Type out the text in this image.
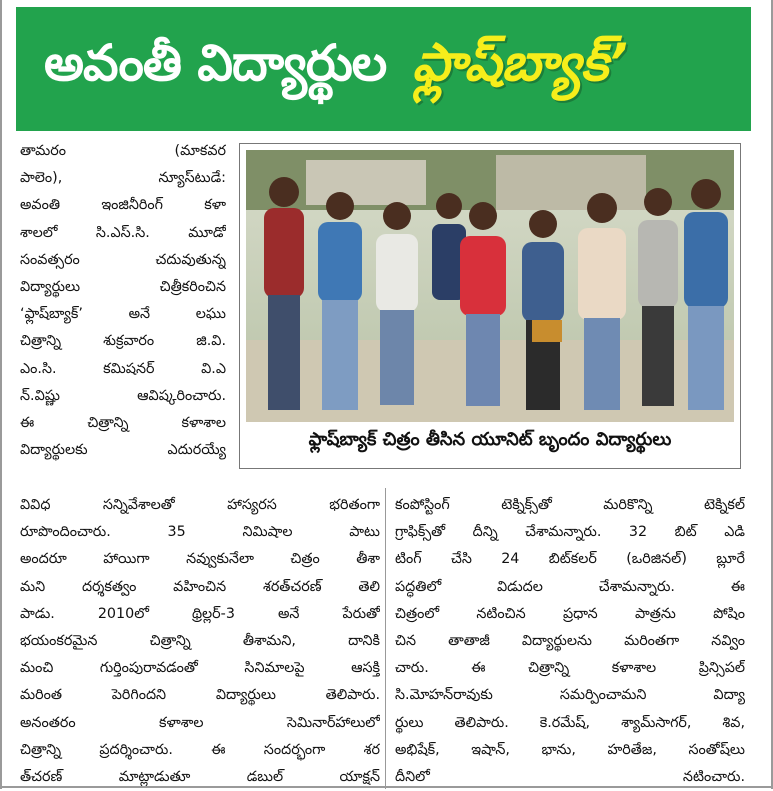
అవంతీ విద్యార్థుల ఫ్లాష్‌బ్యాక్’
తామరం (మాకవర
పాలెం), న్యూస్‌టుడే:
అవంతి ఇంజినీరింగ్ కళా
శాలలో సి.ఎస్.సి. మూడో
సంవత్సరం చదువుతున్న
విద్యార్థులు చిత్రీకరించిన
‘ఫ్లాష్‌బ్యాక్’ అనే లఘు
చిత్రాన్ని శుక్రవారం జి.వి.
ఎం.సి. కమిషనర్ వి.ఎ
న్.విష్ణు ఆవిష్కరించారు.
ఈ చిత్రాన్ని కళాశాల
విద్యార్థులకు ఎదురయ్యే
ఫ్లాష్‌బ్యాక్ చిత్రం తీసిన యూనిట్ బృందం విద్యార్థులు
వివిధ సన్నివేశాలతో హాస్యరస భరితంగా
రూపొందించారు. 35 నిమిషాల పాటు
అందరూ హాయిగా నవ్వుకునేలా చిత్రం తీశా
మని దర్శకత్వం వహించిన శరత్‌చరణ్ తెలి
పాడు. 2010లో థ్రిల్లర్-3 అనే పేరుతో
భయంకరమైన చిత్రాన్ని తీశామని, దానికి
మంచి గుర్తింపురావడంతో సినిమాలపై ఆసక్తి
మరింత పెరిగిందని విద్యార్థులు తెలిపారు.
అనంతరం కళాశాల సెమినార్‌హాలులో
చిత్రాన్ని ప్రదర్శించారు. ఈ సందర్భంగా శర
త్‌చరణ్ మాట్లాడుతూ డబుల్ యాక్షన్
కంపోస్టింగ్ టెక్నిక్స్‌తో మరికొన్ని టెక్నికల్
గ్రాఫిక్స్‌తో దీన్ని చేశామన్నారు. 32 బిట్ ఎడి
టింగ్ చేసి 24 బిట్‌కలర్ (ఒరిజినల్) బ్లూరే
పద్ధతిలో విడుదల చేశామన్నారు. ఈ
చిత్రంలో నటించిన ప్రధాన పాత్రను పోషిం
చిన తాతాజీ విద్యార్థులను మరింతగా నవ్విం
చారు. ఈ చిత్రాన్ని కళాశాల ప్రిన్సిపల్
సి.మోహన్‌రావుకు సమర్పించామని విద్యా
ర్థులు తెలిపారు. కె.రమేష్, శ్యామ్‌సాగర్, శివ,
అభిషేక్, ఇషాన్, భాను, హరితేజ, సంతోష్‌లు
దీనిలో నటించారు.
